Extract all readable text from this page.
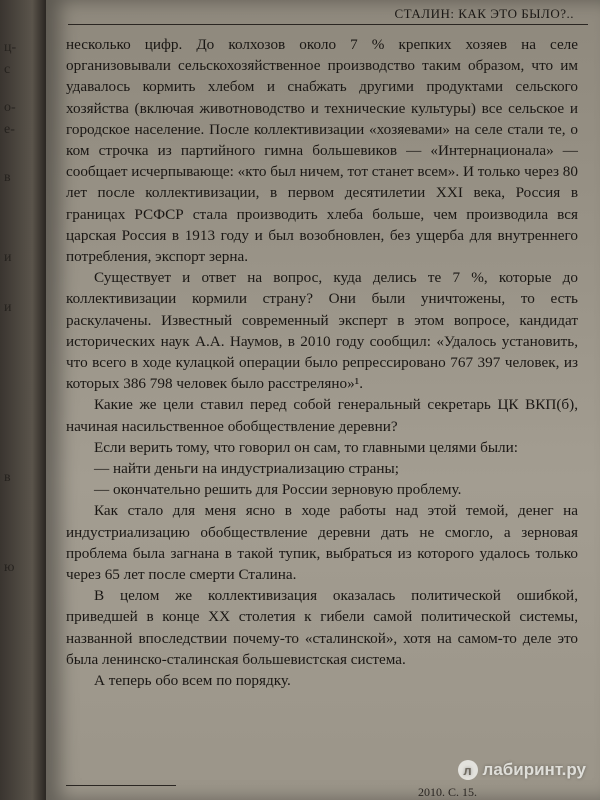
ц-
с
о-
е-
в
и
и
в
ю
СТАЛИН: КАК ЭТО БЫЛО?..

несколько цифр. До колхозов около 7 % крепких хозяев на селе организовывали сельскохозяйственное производство таким образом, что им удавалось кормить хлебом и снабжать другими продуктами сельского хозяйства (включая животноводство и технические культуры) все сельское и городское население. После коллективизации «хозяевами» на селе стали те, о ком строчка из партийного гимна большевиков — «Интернационала» — сообщает исчерпывающе: «кто был ничем, тот станет всем». И только через 80 лет после коллективизации, в первом десятилетии XXI века, Россия в границах РСФСР стала производить хлеба больше, чем производила вся царская Россия в 1913 году и был возобновлен, без ущерба для внутреннего потребления, экспорт зерна.

Существует и ответ на вопрос, куда делись те 7 %, которые до коллективизации кормили страну? Они были уничтожены, то есть раскулачены. Известный современный эксперт в этом вопросе, кандидат исторических наук А.А. Наумов, в 2010 году сообщил: «Удалось установить, что всего в ходе кулацкой операции было репрессировано 767 397 человек, из которых 386 798 человек было расстреляно»¹.

Какие же цели ставил перед собой генеральный секретарь ЦК ВКП(б), начиная насильственное обобществление деревни?

Если верить тому, что говорил он сам, то главными целями были:

— найти деньги на индустриализацию страны;

— окончательно решить для России зерновую проблему.

Как стало для меня ясно в ходе работы над этой темой, денег на индустриализацию обобществление деревни дать не смогло, а зерновая проблема была загнана в такой тупик, выбраться из которого удалось только через 65 лет после смерти Сталина.

В целом же коллективизация оказалась политической ошибкой, приведшей в конце XX столетия к гибели самой политической системы, названной впоследствии почему-то «сталинской», хотя на самом-то деле это была ленинско-сталинская большевистская система.

А теперь обо всем по порядку.

2010. С. 15.
л лабиринт.ру
